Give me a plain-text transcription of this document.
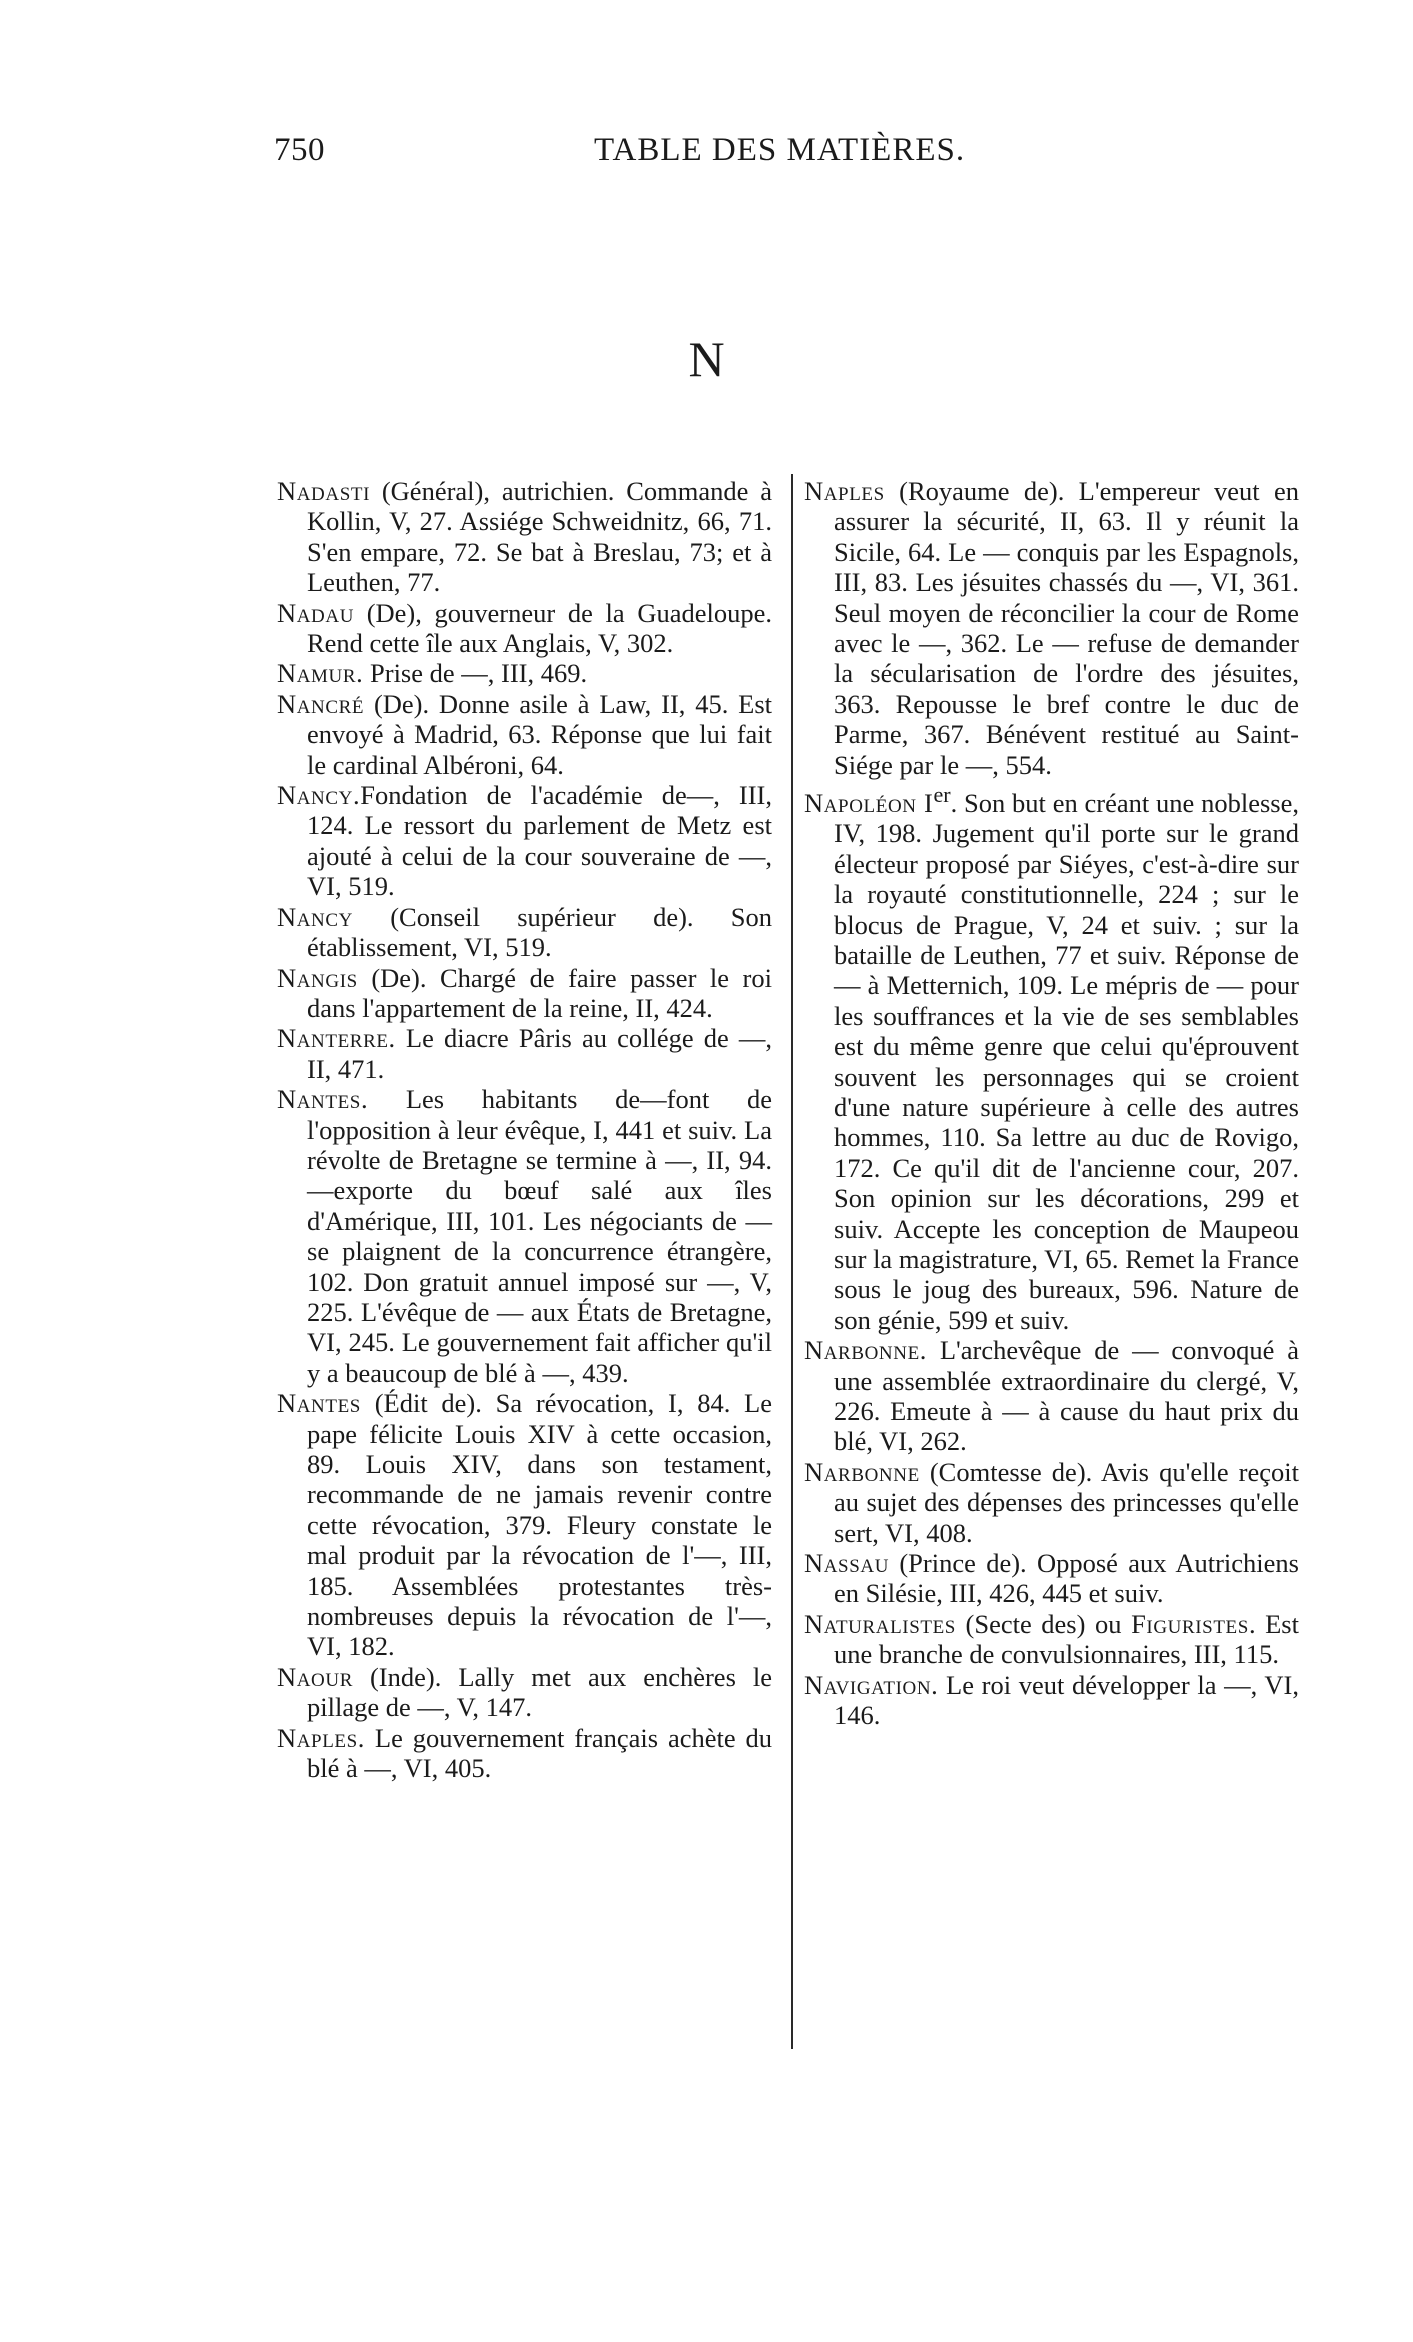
750	TABLE DES MATIÈRES.
N

Nadasti (Général), autrichien. Commande à Kollin, V, 27. Assiége Schweidnitz, 66, 71. S'en empare, 72. Se bat à Breslau, 73; et à Leuthen, 77.

Nadau (De), gouverneur de la Guadeloupe. Rend cette île aux Anglais, V, 302.

Namur. Prise de —, III, 469.

Nancré (De). Donne asile à Law, II, 45. Est envoyé à Madrid, 63. Réponse que lui fait le cardinal Albéroni, 64.

Nancy.Fondation de l'académie de—, III, 124. Le ressort du parlement de Metz est ajouté à celui de la cour souveraine de —, VI, 519.

Nancy (Conseil supérieur de). Son établissement, VI, 519.

Nangis (De). Chargé de faire passer le roi dans l'appartement de la reine, II, 424.

Nanterre. Le diacre Pâris au collége de —, II, 471.

Nantes. Les habitants de—font de l'opposition à leur évêque, I, 441 et suiv. La révolte de Bretagne se termine à —, II, 94. —exporte du bœuf salé aux îles d'Amérique, III, 101. Les négociants de — se plaignent de la concurrence étrangère, 102. Don gratuit annuel imposé sur —, V, 225. L'évêque de — aux États de Bretagne, VI, 245. Le gouvernement fait afficher qu'il y a beaucoup de blé à —, 439.

Nantes (Édit de). Sa révocation, I, 84. Le pape félicite Louis XIV à cette occasion, 89. Louis XIV, dans son testament, recommande de ne jamais revenir contre cette révocation, 379. Fleury constate le mal produit par la révocation de l'—, III, 185. Assemblées protestantes très-nombreuses depuis la révocation de l'—, VI, 182.

Naour (Inde). Lally met aux enchères le pillage de —, V, 147.

Naples. Le gouvernement français achète du blé à —, VI, 405.

Naples (Royaume de). L'empereur veut en assurer la sécurité, II, 63. Il y réunit la Sicile, 64. Le — conquis par les Espagnols, III, 83. Les jésuites chassés du —, VI, 361. Seul moyen de réconcilier la cour de Rome avec le —, 362. Le — refuse de demander la sécularisation de l'ordre des jésuites, 363. Repousse le bref contre le duc de Parme, 367. Bénévent restitué au Saint-Siége par le —, 554.

Napoléon Ier. Son but en créant une noblesse, IV, 198. Jugement qu'il porte sur le grand électeur proposé par Siéyes, c'est-à-dire sur la royauté constitutionnelle, 224 ; sur le blocus de Prague, V, 24 et suiv. ; sur la bataille de Leuthen, 77 et suiv. Réponse de — à Metternich, 109. Le mépris de — pour les souffrances et la vie de ses semblables est du même genre que celui qu'éprouvent souvent les personnages qui se croient d'une nature supérieure à celle des autres hommes, 110. Sa lettre au duc de Rovigo, 172. Ce qu'il dit de l'ancienne cour, 207. Son opinion sur les décorations, 299 et suiv. Accepte les conception de Maupeou sur la magistrature, VI, 65. Remet la France sous le joug des bureaux, 596. Nature de son génie, 599 et suiv.

Narbonne. L'archevêque de — convoqué à une assemblée extraordinaire du clergé, V, 226. Emeute à — à cause du haut prix du blé, VI, 262.

Narbonne (Comtesse de). Avis qu'elle reçoit au sujet des dépenses des princesses qu'elle sert, VI, 408.

Nassau (Prince de). Opposé aux Autrichiens en Silésie, III, 426, 445 et suiv.

Naturalistes (Secte des) ou Figuristes. Est une branche de convulsionnaires, III, 115.

Navigation. Le roi veut développer la —, VI, 146.
